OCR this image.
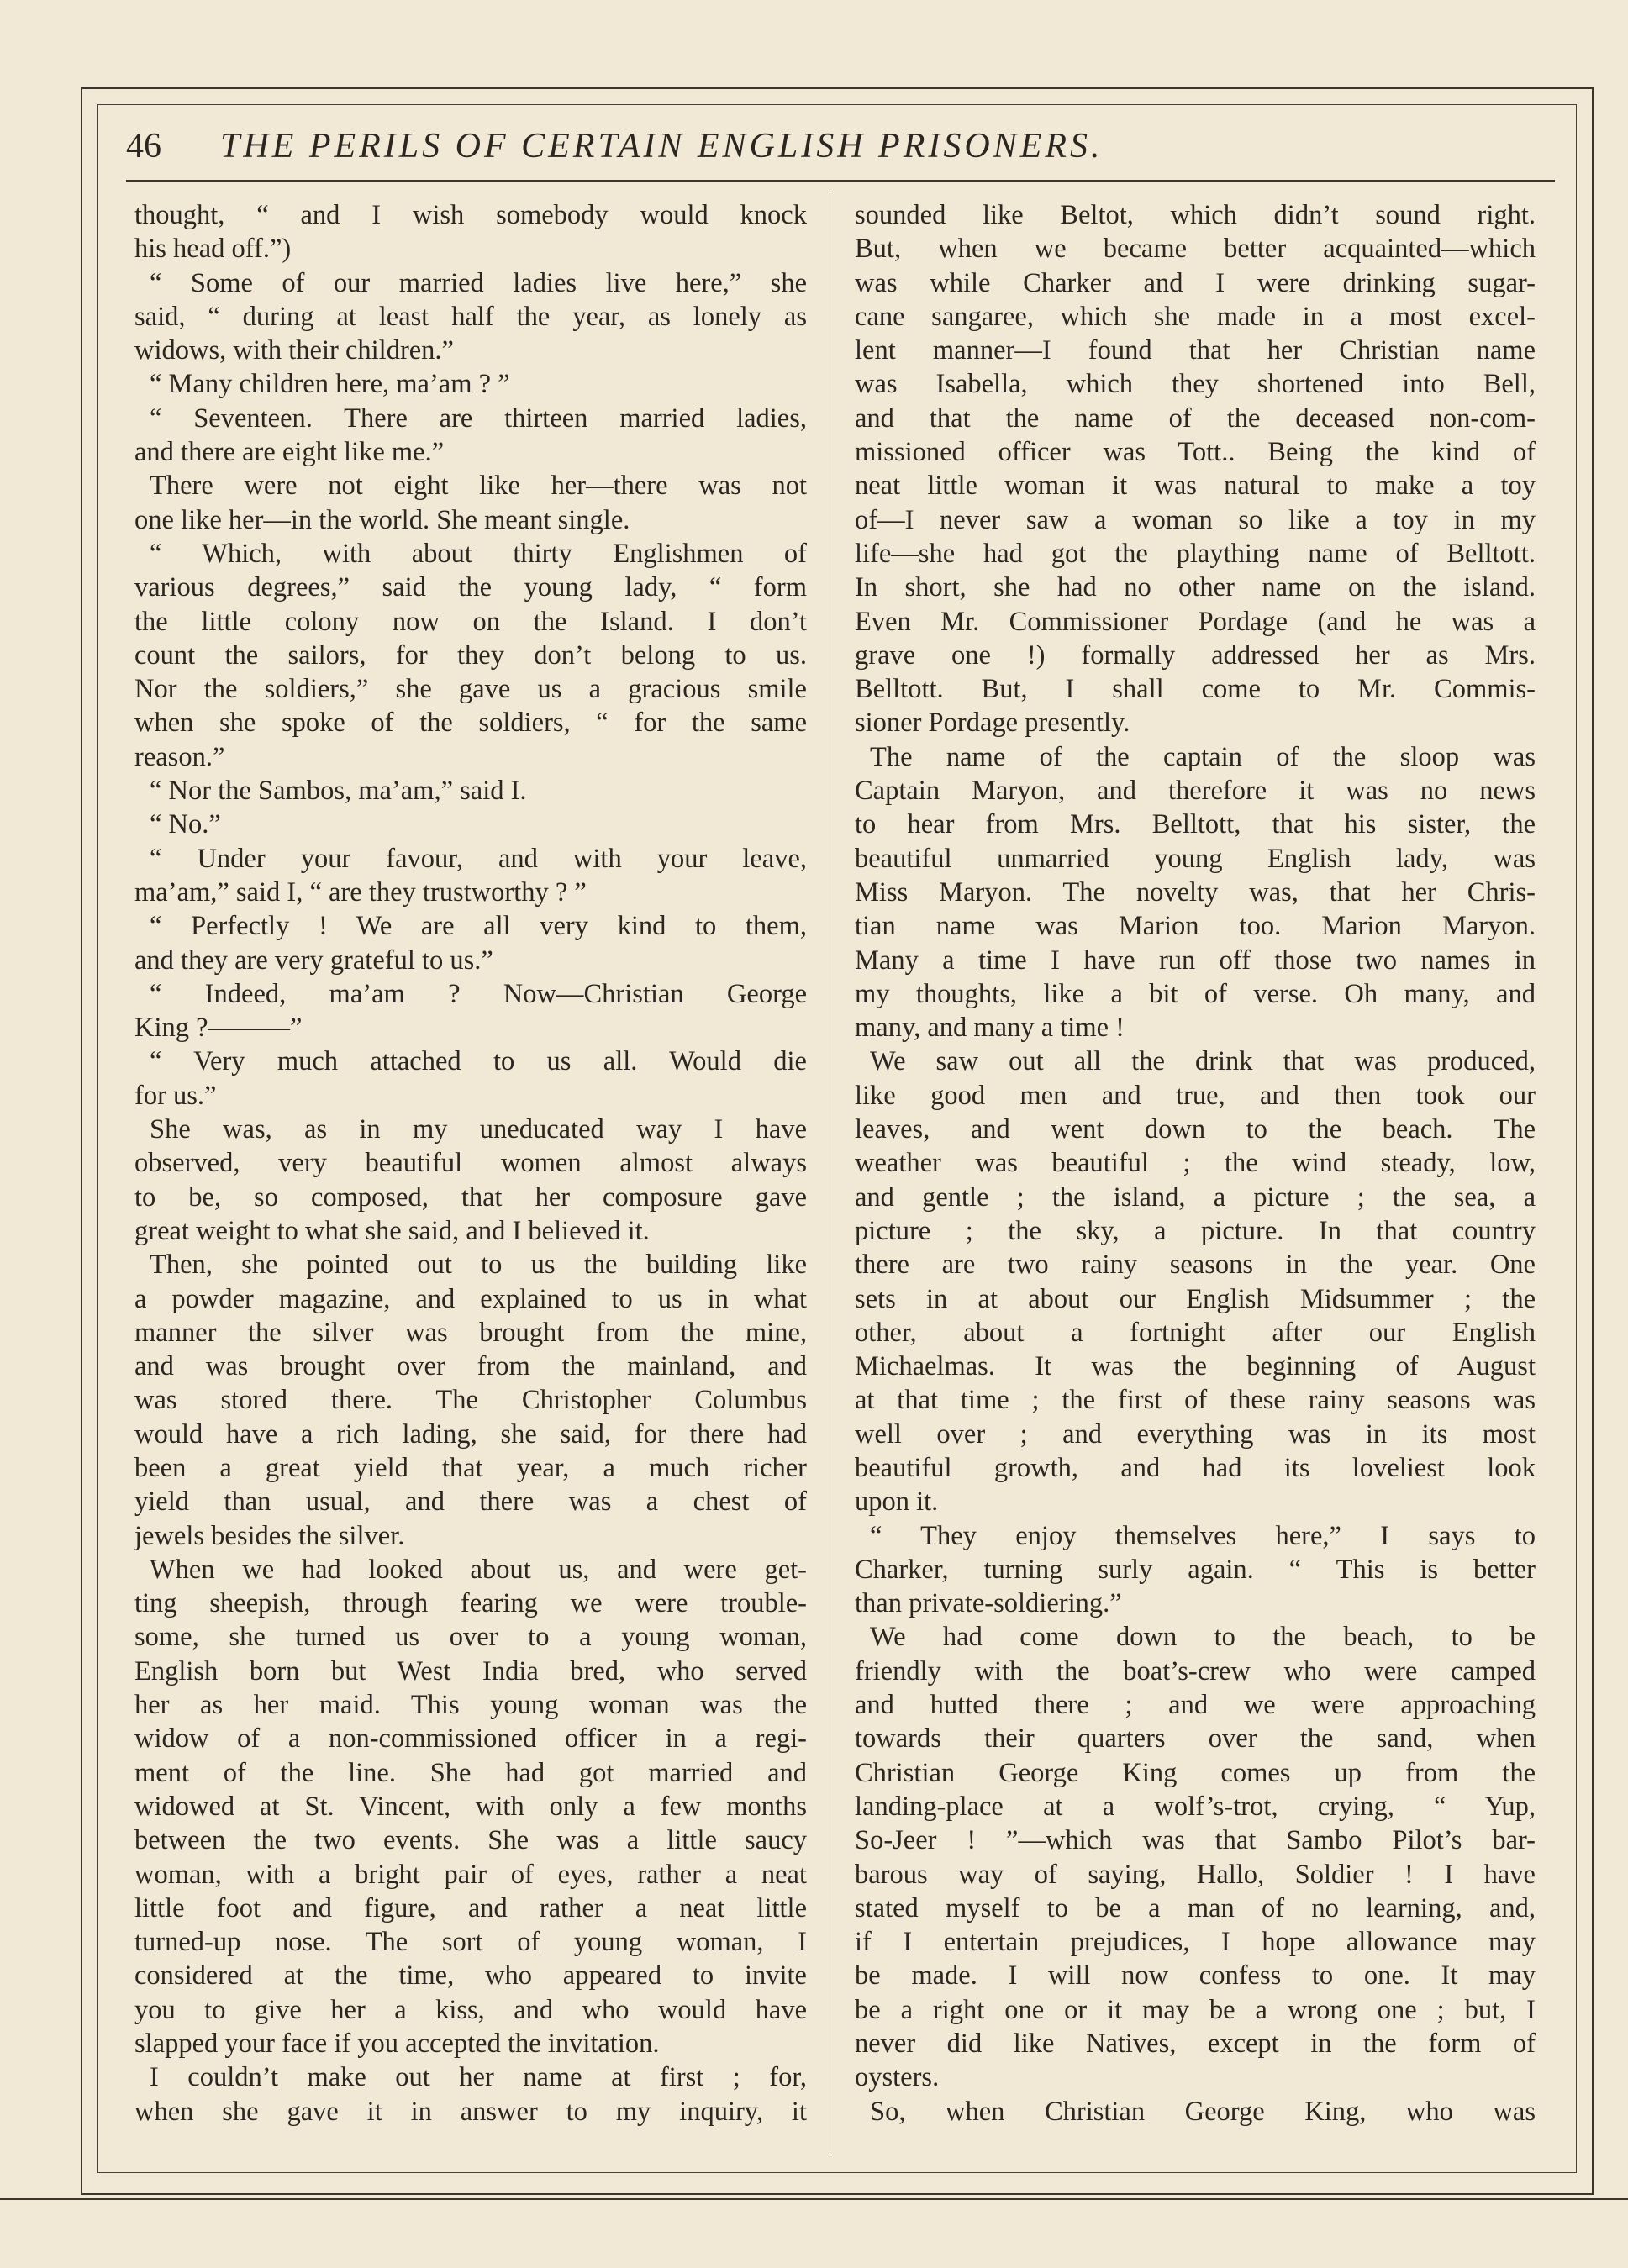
46 THE PERILS OF CERTAIN ENGLISH PRISONERS.
thought, “ and I wish somebody would knock
his head off.”)
“ Some of our married ladies live here,” she
said, “ during at least half the year, as lonely as
widows, with their children.”
“ Many children here, ma’am ? ”
“ Seventeen. There are thirteen married ladies,
and there are eight like me.”
There were not eight like her—there was not
one like her—in the world. She meant single.
“ Which, with about thirty Englishmen of
various degrees,” said the young lady, “ form
the little colony now on the Island. I don’t
count the sailors, for they don’t belong to us.
Nor the soldiers,” she gave us a gracious smile
when she spoke of the soldiers, “ for the same
reason.”
“ Nor the Sambos, ma’am,” said I.
“ No.”
“ Under your favour, and with your leave,
ma’am,” said I, “ are they trustworthy ? ”
“ Perfectly ! We are all very kind to them,
and they are very grateful to us.”
“ Indeed, ma’am ? Now—Christian George
King ?———”
“ Very much attached to us all. Would die
for us.”
She was, as in my uneducated way I have
observed, very beautiful women almost always
to be, so composed, that her composure gave
great weight to what she said, and I believed it.
Then, she pointed out to us the building like
a powder magazine, and explained to us in what
manner the silver was brought from the mine,
and was brought over from the mainland, and
was stored there. The Christopher Columbus
would have a rich lading, she said, for there had
been a great yield that year, a much richer
yield than usual, and there was a chest of
jewels besides the silver.
When we had looked about us, and were get-
ting sheepish, through fearing we were trouble-
some, she turned us over to a young woman,
English born but West India bred, who served
her as her maid. This young woman was the
widow of a non-commissioned officer in a regi-
ment of the line. She had got married and
widowed at St. Vincent, with only a few months
between the two events. She was a little saucy
woman, with a bright pair of eyes, rather a neat
little foot and figure, and rather a neat little
turned-up nose. The sort of young woman, I
considered at the time, who appeared to invite
you to give her a kiss, and who would have
slapped your face if you accepted the invitation.
I couldn’t make out her name at first ; for,
when she gave it in answer to my inquiry, it
sounded like Beltot, which didn’t sound right.
But, when we became better acquainted—which
was while Charker and I were drinking sugar-
cane sangaree, which she made in a most excel-
lent manner—I found that her Christian name
was Isabella, which they shortened into Bell,
and that the name of the deceased non-com-
missioned officer was Tott.. Being the kind of
neat little woman it was natural to make a toy
of—I never saw a woman so like a toy in my
life—she had got the plaything name of Belltott.
In short, she had no other name on the island.
Even Mr. Commissioner Pordage (and he was a
grave one !) formally addressed her as Mrs.
Belltott. But, I shall come to Mr. Commis-
sioner Pordage presently.
The name of the captain of the sloop was
Captain Maryon, and therefore it was no news
to hear from Mrs. Belltott, that his sister, the
beautiful unmarried young English lady, was
Miss Maryon. The novelty was, that her Chris-
tian name was Marion too. Marion Maryon.
Many a time I have run off those two names in
my thoughts, like a bit of verse. Oh many, and
many, and many a time !
We saw out all the drink that was produced,
like good men and true, and then took our
leaves, and went down to the beach. The
weather was beautiful ; the wind steady, low,
and gentle ; the island, a picture ; the sea, a
picture ; the sky, a picture. In that country
there are two rainy seasons in the year. One
sets in at about our English Midsummer ; the
other, about a fortnight after our English
Michaelmas. It was the beginning of August
at that time ; the first of these rainy seasons was
well over ; and everything was in its most
beautiful growth, and had its loveliest look
upon it.
“ They enjoy themselves here,” I says to
Charker, turning surly again. “ This is better
than private-soldiering.”
We had come down to the beach, to be
friendly with the boat’s-crew who were camped
and hutted there ; and we were approaching
towards their quarters over the sand, when
Christian George King comes up from the
landing-place at a wolf’s-trot, crying, “ Yup,
So-Jeer ! ”—which was that Sambo Pilot’s bar-
barous way of saying, Hallo, Soldier ! I have
stated myself to be a man of no learning, and,
if I entertain prejudices, I hope allowance may
be made. I will now confess to one. It may
be a right one or it may be a wrong one ; but, I
never did like Natives, except in the form of
oysters.
So, when Christian George King, who was
